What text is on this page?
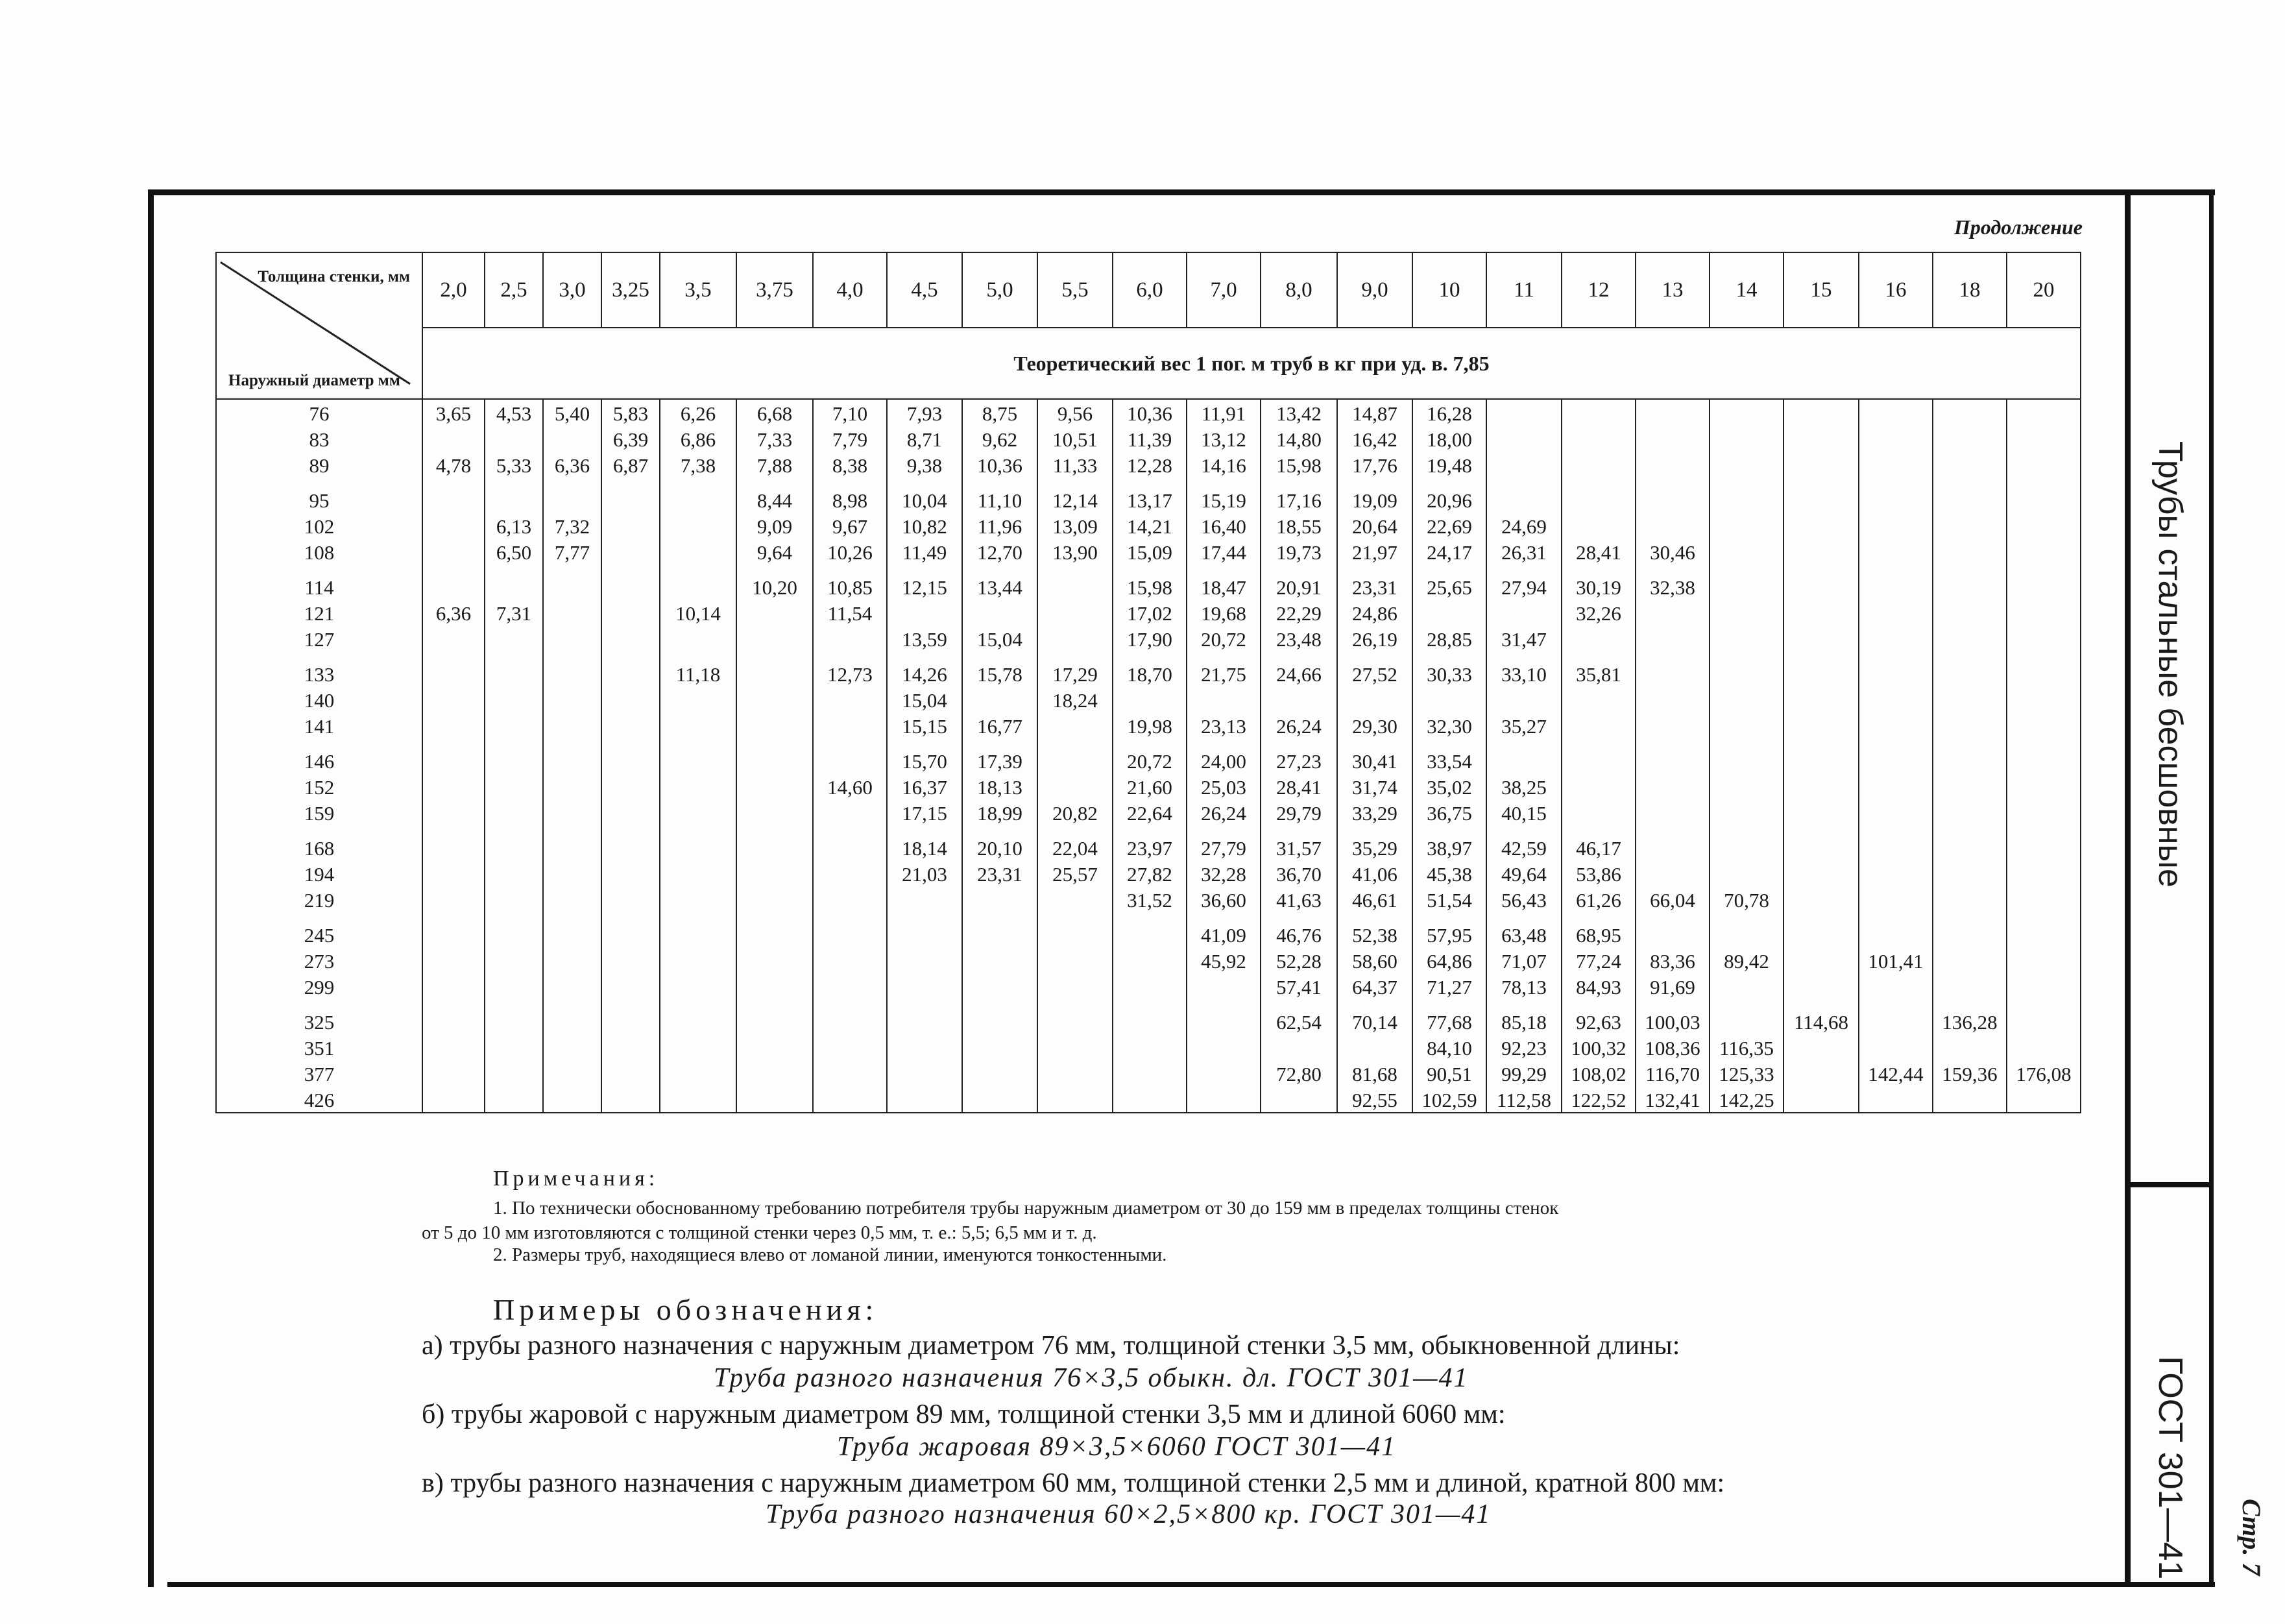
Трубы стальные бесшовные
ГОСТ 301—41 Стр. 7
Продолжение
Толщина стенки, мм
Наружный диаметр мм	2,0	2,5	3,0	3,25	3,5	3,75	4,0	4,5	5,0	5,5	6,0	7,0	8,0	9,0	10	11	12	13	14	15	16	18	20
	Теоретический вес 1 пог. м труб в кг при уд. в. 7,85																						
76	3,65	4,53	5,40	5,83	6,26	6,68	7,10	7,93	8,75	9,56	10,36	11,91	13,42	14,87	16,28								
83				6,39	6,86	7,33	7,79	8,71	9,62	10,51	11,39	13,12	14,80	16,42	18,00								
89	4,78	5,33	6,36	6,87	7,38	7,88	8,38	9,38	10,36	11,33	12,28	14,16	15,98	17,76	19,48								

95						8,44	8,98	10,04	11,10	12,14	13,17	15,19	17,16	19,09	20,96								
102		6,13	7,32			9,09	9,67	10,82	11,96	13,09	14,21	16,40	18,55	20,64	22,69	24,69							
108		6,50	7,77			9,64	10,26	11,49	12,70	13,90	15,09	17,44	19,73	21,97	24,17	26,31	28,41	30,46					

114						10,20	10,85	12,15	13,44		15,98	18,47	20,91	23,31	25,65	27,94	30,19	32,38					
121	6,36	7,31			10,14		11,54				17,02	19,68	22,29	24,86			32,26						
127								13,59	15,04		17,90	20,72	23,48	26,19	28,85	31,47							

133					11,18		12,73	14,26	15,78	17,29	18,70	21,75	24,66	27,52	30,33	33,10	35,81						
140								15,04		18,24													
141								15,15	16,77		19,98	23,13	26,24	29,30	32,30	35,27							

146								15,70	17,39		20,72	24,00	27,23	30,41	33,54								
152							14,60	16,37	18,13		21,60	25,03	28,41	31,74	35,02	38,25							
159								17,15	18,99	20,82	22,64	26,24	29,79	33,29	36,75	40,15							

168								18,14	20,10	22,04	23,97	27,79	31,57	35,29	38,97	42,59	46,17						
194								21,03	23,31	25,57	27,82	32,28	36,70	41,06	45,38	49,64	53,86						
219											31,52	36,60	41,63	46,61	51,54	56,43	61,26	66,04	70,78				

245												41,09	46,76	52,38	57,95	63,48	68,95						
273												45,92	52,28	58,60	64,86	71,07	77,24	83,36	89,42		101,41		
299													57,41	64,37	71,27	78,13	84,93	91,69					

325													62,54	70,14	77,68	85,18	92,63	100,03		114,68		136,28	
351															84,10	92,23	100,32	108,36	116,35				
377													72,80	81,68	90,51	99,29	108,02	116,70	125,33		142,44	159,36	176,08
426														92,55	102,59	112,58	122,52	132,41	142,25				
Примечания:
1. По технически обоснованному требованию потребителя трубы наружным диаметром от 30 до 159 мм в пределах толщины стенок
от 5 до 10 мм изготовляются с толщиной стенки через 0,5 мм, т. е.: 5,5; 6,5 мм и т. д.
2. Размеры труб, находящиеся влево от ломаной линии, именуются тонкостенными.
Примеры обозначения:
а) трубы разного назначения с наружным диаметром 76 мм, толщиной стенки 3,5 мм, обыкновенной длины:
Труба разного назначения 76×3,5 обыкн. дл. ГОСТ 301—41
б) трубы жаровой с наружным диаметром 89 мм, толщиной стенки 3,5 мм и длиной 6060 мм:
Труба жаровая 89×3,5×6060 ГОСТ 301—41
в) трубы разного назначения с наружным диаметром 60 мм, толщиной стенки 2,5 мм и длиной, кратной 800 мм:
Труба разного назначения 60×2,5×800 кр. ГОСТ 301—41
